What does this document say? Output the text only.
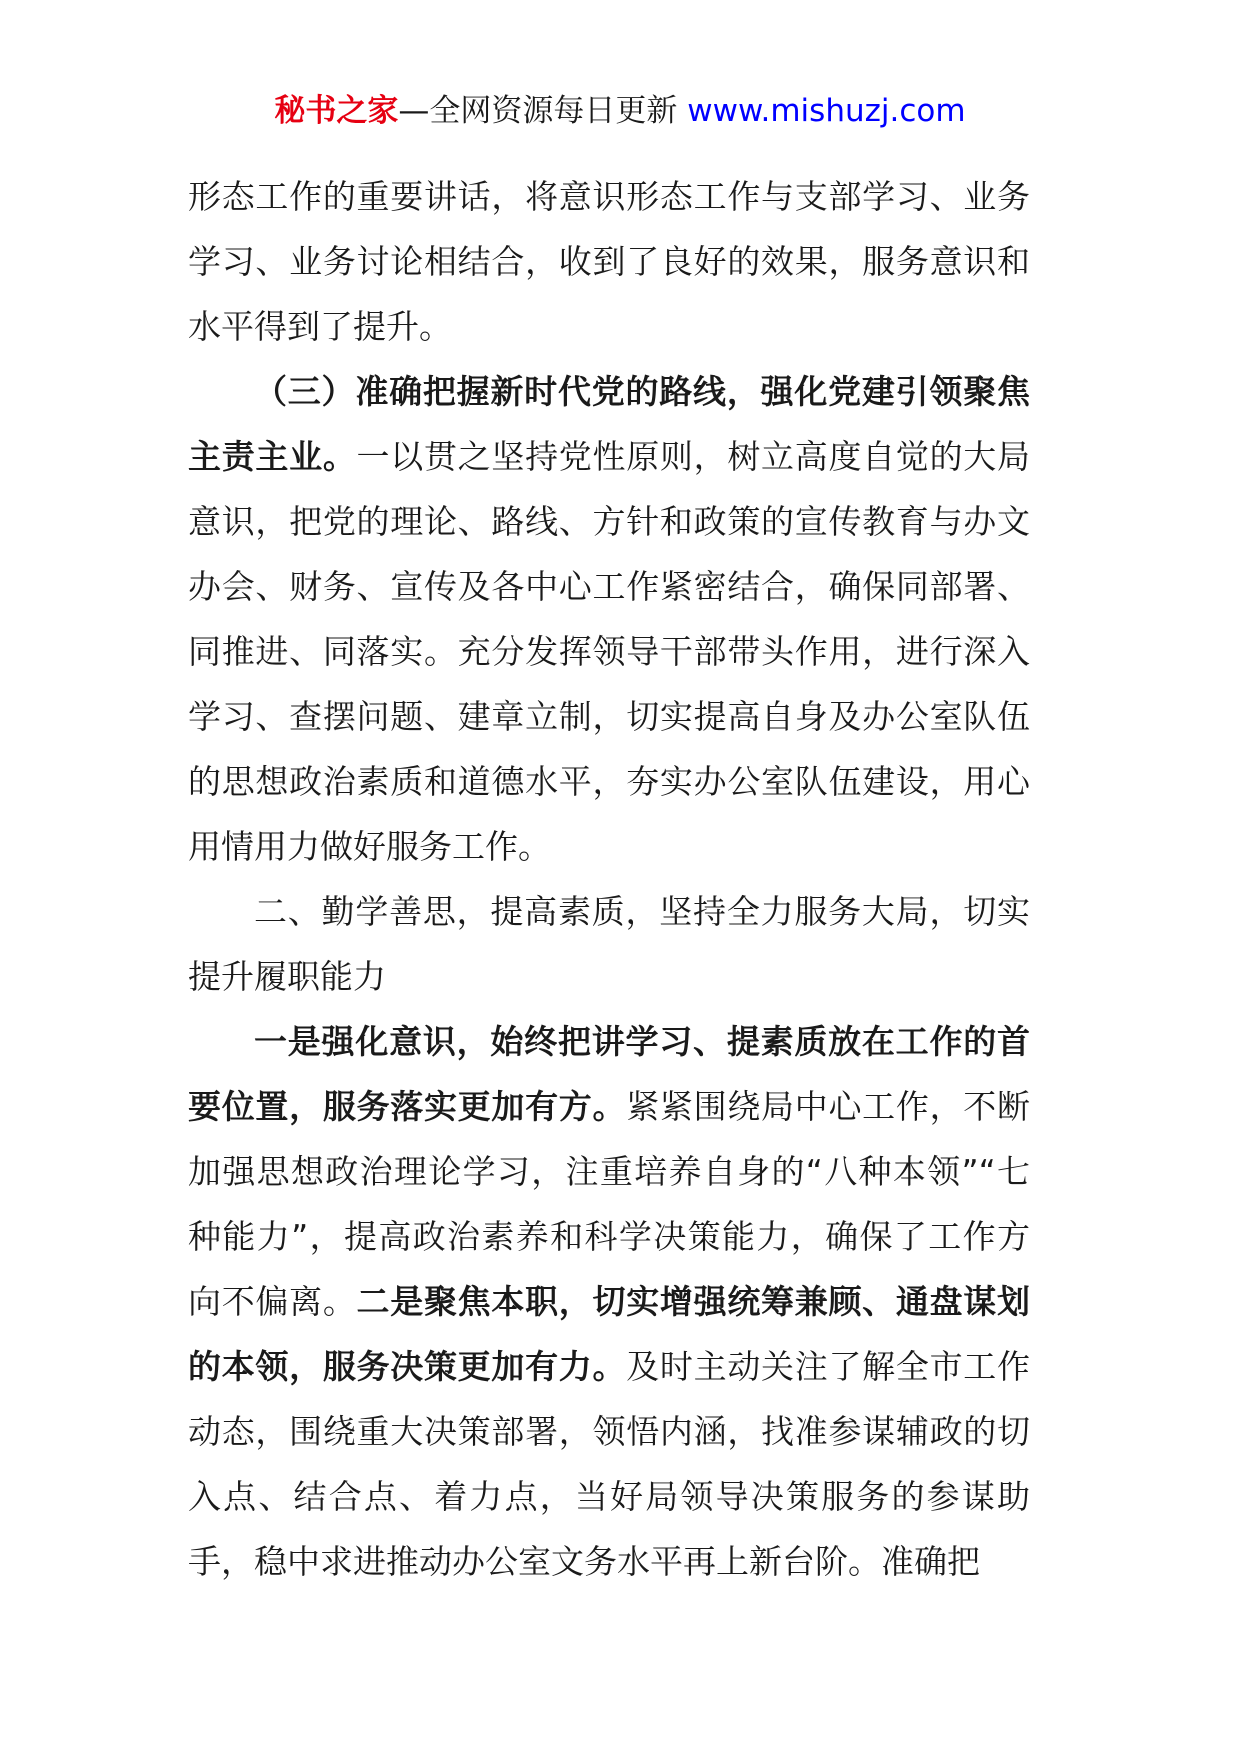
秘书之家—全网资源每日更新 www.mishuzj.com

形态工作的重要讲话，将意识形态工作与支部学习、业务学习、业务讨论相结合，收到了良好的效果，服务意识和水平得到了提升。

（三）准确把握新时代党的路线，强化党建引领聚焦主责主业。一以贯之坚持党性原则，树立高度自觉的大局意识，把党的理论、路线、方针和政策的宣传教育与办文办会、财务、宣传及各中心工作紧密结合，确保同部署、同推进、同落实。充分发挥领导干部带头作用，进行深入学习、查摆问题、建章立制，切实提高自身及办公室队伍的思想政治素质和道德水平，夯实办公室队伍建设，用心用情用力做好服务工作。

二、勤学善思，提高素质，坚持全力服务大局，切实提升履职能力

一是强化意识，始终把讲学习、提素质放在工作的首要位置，服务落实更加有方。紧紧围绕局中心工作，不断加强思想政治理论学习，注重培养自身的“八种本领”“七种能力”，提高政治素养和科学决策能力，确保了工作方向不偏离。二是聚焦本职，切实增强统筹兼顾、通盘谋划的本领，服务决策更加有力。及时主动关注了解全市工作动态，围绕重大决策部署，领悟内涵，找准参谋辅政的切入点、结合点、着力点，当好局领导决策服务的参谋助手，稳中求进推动办公室文务水平再上新台阶。准确把
